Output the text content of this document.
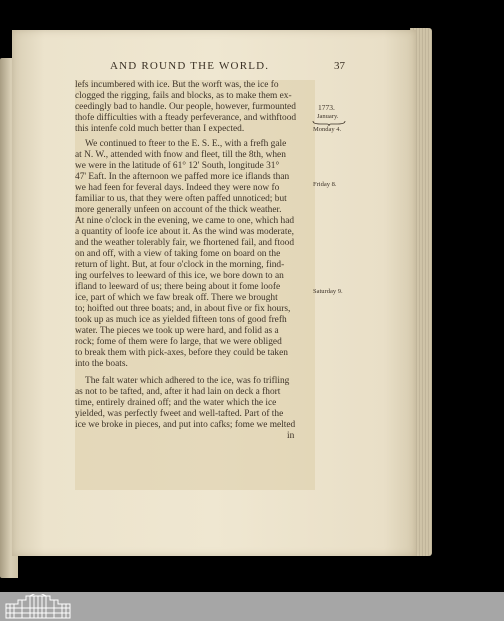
AND ROUND THE WORLD.	37
lefs incumbered with ice. But the worft was, the ice fo
clogged the rigging, fails and blocks, as to make them ex-
ceedingly bad to handle. Our people, however, furmounted
thofe difficulties with a fteady perfeverance, and withftood
this intenfe cold much better than I expected.
We continued to fteer to the E. S. E., with a frefh gale
at N. W., attended with fnow and fleet, till the 8th, when
we were in the latitude of 61° 12' South, longitude 31°
47' Eaft. In the afternoon we paffed more ice iflands than
we had feen for feveral days. Indeed they were now fo
familiar to us, that they were often paffed unnoticed; but
more generally unfeen on account of the thick weather.
At nine o'clock in the evening, we came to one, which had
a quantity of loofe ice about it. As the wind was moderate,
and the weather tolerably fair, we fhortened fail, and ftood
on and off, with a view of taking fome on board on the
return of light. But, at four o'clock in the morning, find-
ing ourfelves to leeward of this ice, we bore down to an
ifland to leeward of us; there being about it fome loofe
ice, part of which we faw break off. There we brought
to; hoifted out three boats; and, in about five or fix hours,
took up as much ice as yielded fifteen tons of good frefh
water. The pieces we took up were hard, and folid as a
rock; fome of them were fo large, that we were obliged
to break them with pick-axes, before they could be taken
into the boats.
The falt water which adhered to the ice, was fo trifling
as not to be tafted, and, after it had lain on deck a fhort
time, entirely drained off; and the water which the ice
yielded, was perfectly fweet and well-tafted. Part of the
ice we broke in pieces, and put into cafks; fome we melted
in
1773.
January.
Monday 4.
Friday 8.
Saturday 9.
